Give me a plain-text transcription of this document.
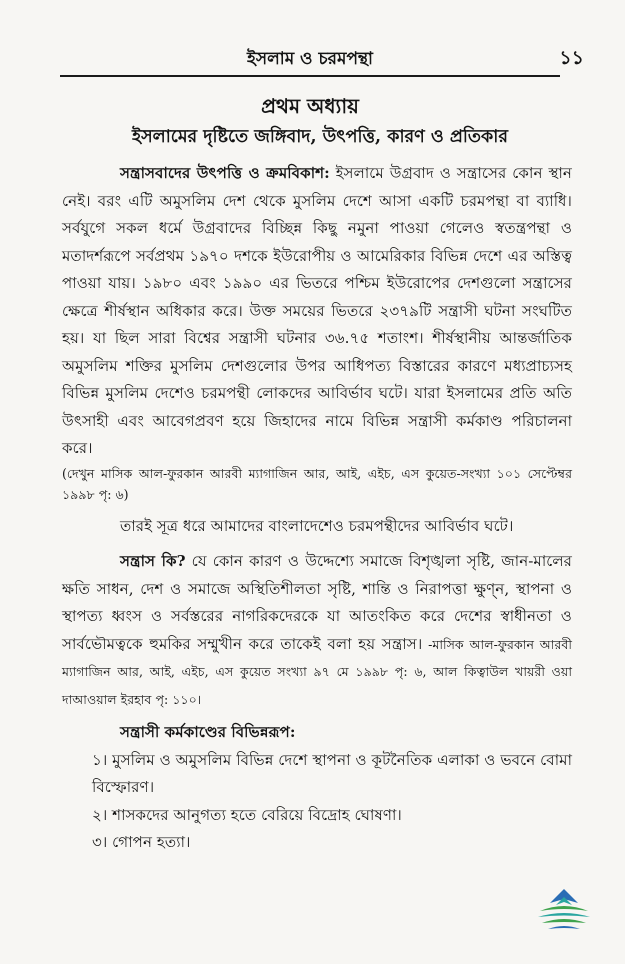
ইসলাম ও চরমপন্থা	১১
প্রথম অধ্যায়
ইসলামের দৃষ্টিতে জঙ্গিবাদ, উৎপত্তি, কারণ ও প্রতিকার

সন্ত্রাসবাদের উৎপত্তি ও ক্রমবিকাশ: ইসলামে উগ্রবাদ ও সন্ত্রাসের কোন স্থান নেই। বরং এটি অমুসলিম দেশ থেকে মুসলিম দেশে আসা একটি চরমপন্থা বা ব্যাধি। সর্বযুগে সকল ধর্মে উগ্রবাদের বিচ্ছিন্ন কিছু নমুনা পাওয়া গেলেও স্বতন্ত্রপন্থা ও মতাদর্শরূপে সর্বপ্রথম ১৯৭০ দশকে ইউরোপীয় ও আমেরিকার বিভিন্ন দেশে এর অস্তিত্ব পাওয়া যায়। ১৯৮০ এবং ১৯৯০ এর ভিতরে পশ্চিম ইউরোপের দেশগুলো সন্ত্রাসের ক্ষেত্রে শীর্ষস্থান অধিকার করে। উক্ত সময়ের ভিতরে ২৩৭৯টি সন্ত্রাসী ঘটনা সংঘটিত হয়। যা ছিল সারা বিশ্বের সন্ত্রাসী ঘটনার ৩৬.৭৫ শতাংশ। শীর্ষস্থানীয় আন্তর্জাতিক অমুসলিম শক্তির মুসলিম দেশগুলোর উপর আধিপত্য বিস্তারের কারণে মধ্যপ্রাচ্যসহ বিভিন্ন মুসলিম দেশেও চরমপন্থী লোকদের আবির্ভাব ঘটে। যারা ইসলামের প্রতি অতি উৎসাহী এবং আবেগপ্রবণ হয়ে জিহাদের নামে বিভিন্ন সন্ত্রাসী কর্মকাণ্ড পরিচালনা করে।

(দেখুন মাসিক আল-ফুরকান আরবী ম্যাগাজিন আর, আই, এইচ, এস কুয়েত-সংখ্যা ১০১ সেপ্টেম্বর ১৯৯৮ পৃ: ৬)

তারই সূত্র ধরে আমাদের বাংলাদেশেও চরমপন্থীদের আবির্ভাব ঘটে।

সন্ত্রাস কি? যে কোন কারণ ও উদ্দেশ্যে সমাজে বিশৃঙ্খলা সৃষ্টি, জান-মালের ক্ষতি সাধন, দেশ ও সমাজে অস্থিতিশীলতা সৃষ্টি, শান্তি ও নিরাপত্তা ক্ষুণ্ন, স্থাপনা ও স্থাপত্য ধ্বংস ও সর্বস্তরের নাগরিকদেরকে যা আতংকিত করে দেশের স্বাধীনতা ও সার্বভৌমত্বকে হুমকির সম্মুখীন করে তাকেই বলা হয় সন্ত্রাস। -মাসিক আল-ফুরকান আরবী ম্যাগাজিন আর, আই, এইচ, এস কুয়েত সংখ্যা ৯৭ মে ১৯৯৮ পৃ: ৬, আল কিত্বাউল খায়রী ওয়া দাআওয়াল ইরহাব পৃ: ১১০।

সন্ত্রাসী কর্মকাণ্ডের বিভিন্নরূপ:

১। মুসলিম ও অমুসলিম বিভিন্ন দেশে স্থাপনা ও কূটনৈতিক এলাকা ও ভবনে বোমা বিস্ফোরণ।

২। শাসকদের আনুগত্য হতে বেরিয়ে বিদ্রোহ ঘোষণা।

৩। গোপন হত্যা।
